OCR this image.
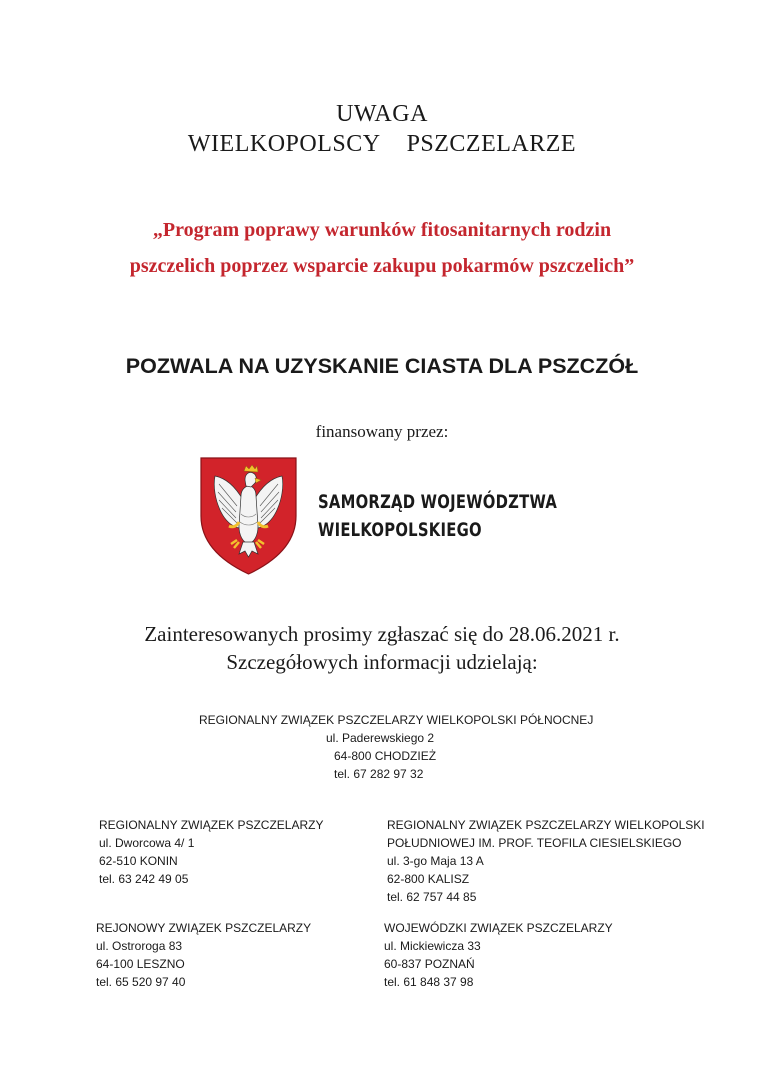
UWAGA
WIELKOPOLSCY PSZCZELARZE
„Program poprawy warunków fitosanitarnych rodzin
pszczelich poprzez wsparcie zakupu pokarmów pszczelich”
POZWALA NA UZYSKANIE CIASTA DLA PSZCZÓŁ
finansowany przez:
SAMORZĄD WOJEWÓDZTWA
WIELKOPOLSKIEGO
Zainteresowanych prosimy zgłaszać się do 28.06.2021 r.
Szczegółowych informacji udzielają:
REGIONALNY ZWIĄZEK PSZCZELARZY WIELKOPOLSKI PÓŁNOCNEJ
ul. Paderewskiego 2
64-800 CHODZIEŻ
tel. 67 282 97 32
REGIONALNY ZWIĄZEK PSZCZELARZY
ul. Dworcowa 4/ 1
62-510 KONIN
tel. 63 242 49 05
REGIONALNY ZWIĄZEK PSZCZELARZY WIELKOPOLSKI
POŁUDNIOWEJ IM. PROF. TEOFILA CIESIELSKIEGO
ul. 3-go Maja 13 A
62-800 KALISZ
tel. 62 757 44 85
REJONOWY ZWIĄZEK PSZCZELARZY
ul. Ostroroga 83
64-100 LESZNO
tel. 65 520 97 40
WOJEWÓDZKI ZWIĄZEK PSZCZELARZY
ul. Mickiewicza 33
60-837 POZNAŃ
tel. 61 848 37 98
